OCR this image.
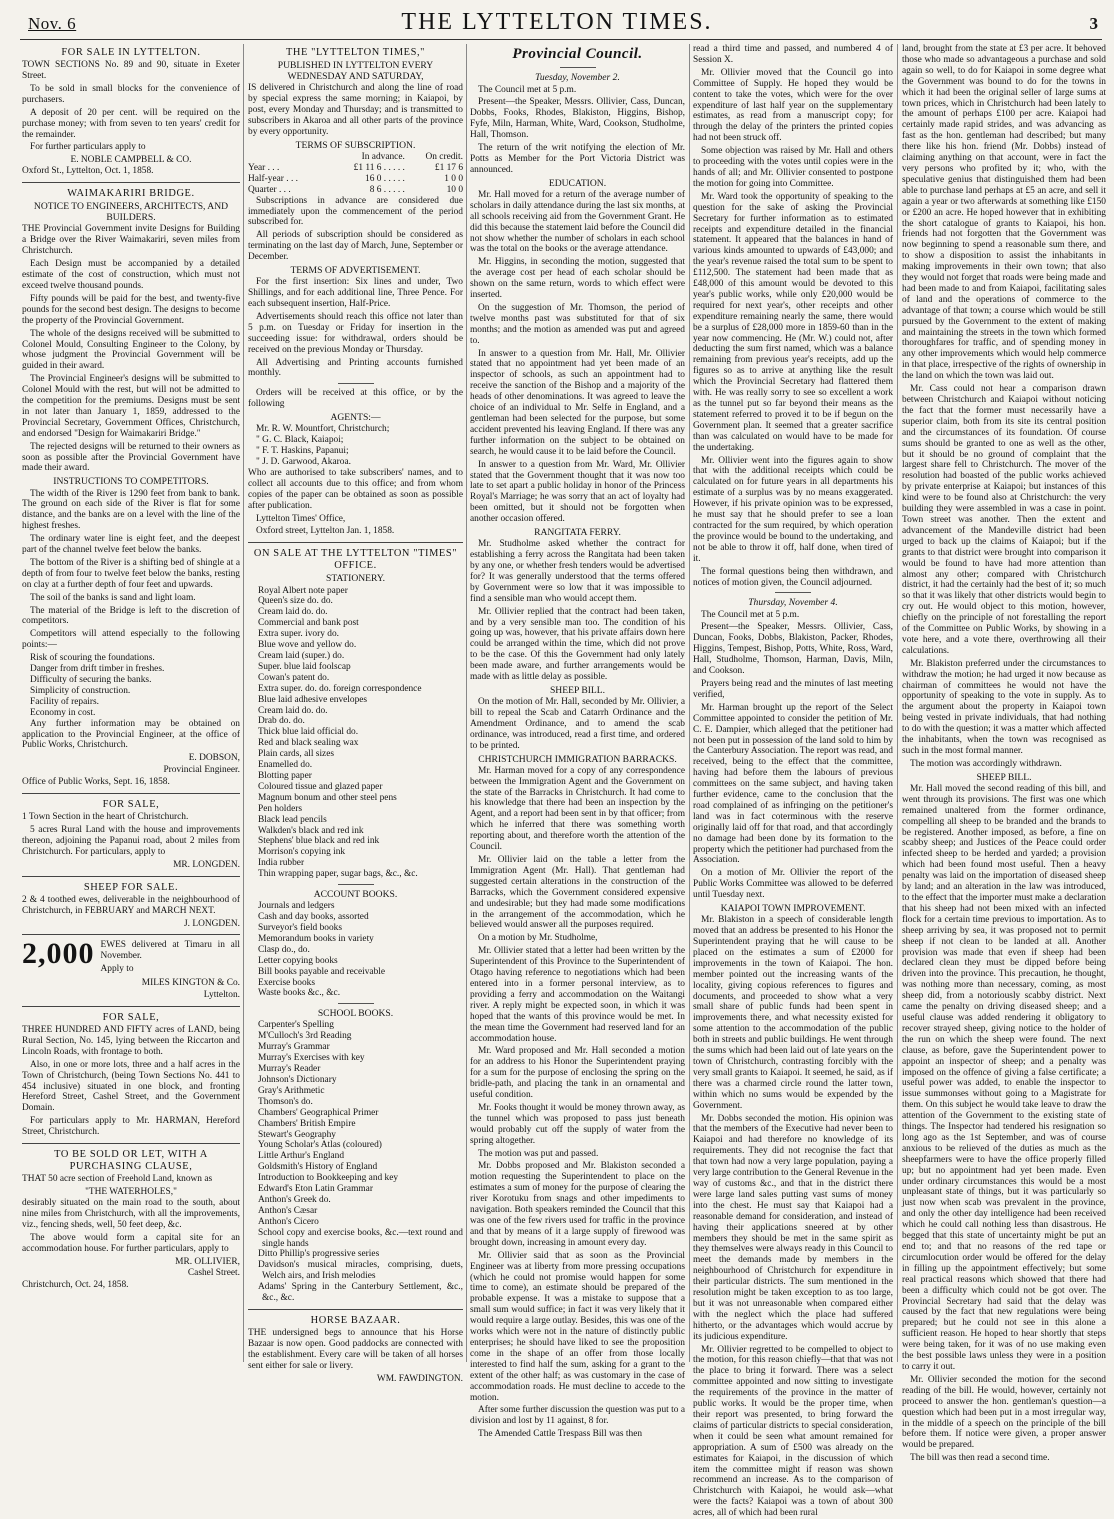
Nov. 6	THE LYTTELTON TIMES.	3
FOR SALE IN LYTTELTON.

TOWN SECTIONS No. 89 and 90, situate in Exeter Street.

To be sold in small blocks for the convenience of purchasers.

A deposit of 20 per cent. will be required on the purchase money; with from seven to ten years' credit for the remainder.

For further particulars apply to

E. NOBLE CAMPBELL & CO.

Oxford St., Lyttelton, Oct. 1, 1858.

WAIMAKARIRI BRIDGE.
NOTICE TO ENGINEERS, ARCHITECTS, AND BUILDERS.

THE Provincial Government invite Designs for Building a Bridge over the River Waimakariri, seven miles from Christchurch.

Each Design must be accompanied by a detailed estimate of the cost of construction, which must not exceed twelve thousand pounds.

Fifty pounds will be paid for the best, and twenty-five pounds for the second best design. The designs to become the property of the Provincial Government.

The whole of the designs received will be submitted to Colonel Mould, Consulting Engineer to the Colony, by whose judgment the Provincial Government will be guided in their award.

The Provincial Engineer's designs will be submitted to Colonel Mould with the rest, but will not be admitted to the competition for the premiums. Designs must be sent in not later than January 1, 1859, addressed to the Provincial Secretary, Government Offices, Christchurch, and endorsed "Design for Waimakariri Bridge."

The rejected designs will be returned to their owners as soon as possible after the Provincial Government have made their award.

INSTRUCTIONS TO COMPETITORS.

The width of the River is 1290 feet from bank to bank. The ground on each side of the River is flat for some distance, and the banks are on a level with the line of the highest freshes.

The ordinary water line is eight feet, and the deepest part of the channel twelve feet below the banks.

The bottom of the River is a shifting bed of shingle at a depth of from four to twelve feet below the banks, resting on clay at a further depth of four feet and upwards.

The soil of the banks is sand and light loam.

The material of the Bridge is left to the discretion of competitors.

Competitors will attend especially to the following points:—

Risk of scouring the foundations.
Danger from drift timber in freshes.
Difficulty of securing the banks.
Simplicity of construction.
Facility of repairs.
Economy in cost.

Any further information may be obtained on application to the Provincial Engineer, at the office of Public Works, Christchurch.

E. DOBSON,
Provincial Engineer.

Office of Public Works, Sept. 16, 1858.

FOR SALE,

1 Town Section in the heart of Christchurch.

5 acres Rural Land with the house and improvements thereon, adjoining the Papanui road, about 2 miles from Christchurch. For particulars, apply to

MR. LONGDEN.
SHEEP FOR SALE.

2 & 4 toothed ewes, deliverable in the neighbourhood of Christchurch, in FEBRUARY and MARCH NEXT.

J. LONGDEN.
2,000 EWES delivered at Timaru in all November.

Apply to

MILES KINGTON & Co.
Lyttelton.
FOR SALE,

THREE HUNDRED AND FIFTY acres of LAND, being Rural Section, No. 145, lying between the Riccarton and Lincoln Roads, with frontage to both.

Also, in one or more lots, three and a half acres in the Town of Christchurch, (being Town Sections No. 441 to 454 inclusive) situated in one block, and fronting Hereford Street, Cashel Street, and the Government Domain.

For particulars apply to Mr. HARMAN, Hereford Street, Christchurch.

TO BE SOLD OR LET, WITH A PURCHASING CLAUSE,

THAT 50 acre section of Freehold Land, known as

"THE WATERHOLES,"

desirably situated on the main road to the south, about nine miles from Christchurch, with all the improvements, viz., fencing sheds, well, 50 feet deep, &c.

The above would form a capital site for an accommodation house. For further particulars, apply to

MR. OLLIVIER,
Cashel Street.

Christchurch, Oct. 24, 1858.

THE "LYTTELTON TIMES,"
PUBLISHED IN LYTTELTON EVERY WEDNESDAY AND SATURDAY,

IS delivered in Christchurch and along the line of road by special express the same morning; in Kaiapoi, by post, every Monday and Thursday; and is transmitted to subscribers in Akaroa and all other parts of the province by every opportunity.

TERMS OF SUBSCRIPTION.
	In advance.	On credit.
Year . . .	£1 11 6 . . . . .	£1 17 6
Half-year . . .	16 0 . . . . .	1 0 0
Quarter . . .	8 6 . . . . .	10 0

Subscriptions in advance are considered due immediately upon the commencement of the period subscribed for.

All periods of subscription should be considered as terminating on the last day of March, June, September or December.

TERMS OF ADVERTISEMENT.

For the first insertion: Six lines and under, Two Shillings, and for each additional line, Three Pence. For each subsequent insertion, Half-Price.

Advertisements should reach this office not later than 5 p.m. on Tuesday or Friday for insertion in the succeeding issue: for withdrawal, orders should be received on the previous Monday or Thursday.

All Advertising and Printing accounts furnished monthly.

Orders will be received at this office, or by the following

AGENTS:—
Mr. R. W. Mountfort, Christchurch;
" G. C. Black, Kaiapoi;
" F. T. Haskins, Papanui;
" J. D. Garwood, Akaroa.

Who are authorised to take subscribers' names, and to collect all accounts due to this office; and from whom copies of the paper can be obtained as soon as possible after publication.

Lyttelton Times' Office,

Oxford street, Lyttelton Jan. 1, 1858.

ON SALE AT THE LYTTELTON "TIMES" OFFICE.
STATIONERY.
Royal Albert note paper
Queen's size do. do.
Cream laid do. do.
Commercial and bank post
Extra super. ivory do.
Blue wove and yellow do.
Cream laid (super.) do.
Super. blue laid foolscap
Cowan's patent do.
Extra super. do. do. foreign correspondence
Blue laid adhesive envelopes
Cream laid do. do.
Drab do. do.
Thick blue laid official do.
Red and black sealing wax
Plain cards, all sizes
Enamelled do.
Blotting paper
Coloured tissue and glazed paper
Magnum bonum and other steel pens
Pen holders
Black lead pencils
Walkden's black and red ink
Stephens' blue black and red ink
Morrison's copying ink
India rubber
Thin wrapping paper, sugar bags, &c., &c.
ACCOUNT BOOKS.
Journals and ledgers
Cash and day books, assorted
Surveyor's field books
Memorandum books in variety
Clasp do., do.
Letter copying books
Bill books payable and receivable
Exercise books
Waste books &c., &c.
SCHOOL BOOKS.
Carpenter's Spelling
M'Culloch's 3rd Reading
Murray's Grammar
Murray's Exercises with key
Murray's Reader
Johnson's Dictionary
Gray's Arithmetic
Thomson's do.
Chambers' Geographical Primer
Chambers' British Empire
Stewart's Geography
Young Scholar's Atlas (coloured)
Little Arthur's England
Goldsmith's History of England
Introduction to Bookkeeping and key
Edward's Eton Latin Grammar
Anthon's Greek do.
Anthon's Cæsar
Anthon's Cicero
School copy and exercise books, &c.—text round and single hands
Ditto Phillip's progressive series
Davidson's musical miracles, comprising, duets, Welch airs, and Irish melodies
Adams' Spring in the Canterbury Settlement, &c., &c., &c.
HORSE BAZAAR.

THE undersigned begs to announce that his Horse Bazaar is now open. Good paddocks are connected with the establishment. Every care will be taken of all horses sent either for sale or livery.

WM. FAWDINGTON.
Provincial Council.
Tuesday, November 2.

The Council met at 5 p.m.

Present—the Speaker, Messrs. Ollivier, Cass, Duncan, Dobbs, Fooks, Rhodes, Blakiston, Higgins, Bishop, Fyfe, Miln, Harman, White, Ward, Cookson, Studholme, Hall, Thomson.

The return of the writ notifying the election of Mr. Potts as Member for the Port Victoria District was announced.

EDUCATION.

Mr. Hall moved for a return of the average number of scholars in daily attendance during the last six months, at all schools receiving aid from the Government Grant. He did this because the statement laid before the Council did not show whether the number of scholars in each school was the total on the books or the average attendance.

Mr. Higgins, in seconding the motion, suggested that the average cost per head of each scholar should be shown on the same return, words to which effect were inserted.

On the suggestion of Mr. Thomson, the period of twelve months past was substituted for that of six months; and the motion as amended was put and agreed to.

In answer to a question from Mr. Hall, Mr. Ollivier stated that no appointment had yet been made of an inspector of schools, as such an appointment had to receive the sanction of the Bishop and a majority of the heads of other denominations. It was agreed to leave the choice of an individual to Mr. Selfe in England, and a gentleman had been selected for the purpose, but some accident prevented his leaving England. If there was any further information on the subject to be obtained on search, he would cause it to be laid before the Council.

In answer to a question from Mr. Ward, Mr. Ollivier stated that the Government thought that it was now too late to set apart a public holiday in honor of the Princess Royal's Marriage; he was sorry that an act of loyalty had been omitted, but it should not be forgotten when another occasion offered.

RANGITATA FERRY.

Mr. Studholme asked whether the contract for establishing a ferry across the Rangitata had been taken by any one, or whether fresh tenders would be advertised for? It was generally understood that the terms offered by Government were so low that it was impossible to find a sensible man who would accept them.

Mr. Ollivier replied that the contract had been taken, and by a very sensible man too. The condition of his going up was, however, that his private affairs down here could be arranged within the time, which did not prove to be the case. Of this the Government had only lately been made aware, and further arrangements would be made with as little delay as possible.

SHEEP BILL.

On the motion of Mr. Hall, seconded by Mr. Ollivier, a bill to repeal the Scab and Catarrh Ordinance and the Amendment Ordinance, and to amend the scab ordinance, was introduced, read a first time, and ordered to be printed.

CHRISTCHURCH IMMIGRATION BARRACKS.

Mr. Harman moved for a copy of any correspondence between the Immigration Agent and the Government on the state of the Barracks in Christchurch. It had come to his knowledge that there had been an inspection by the Agent, and a report had been sent in by that officer; from which he inferred that there was something worth reporting about, and therefore worth the attention of the Council.

Mr. Ollivier laid on the table a letter from the Immigration Agent (Mr. Hall). That gentleman had suggested certain alterations in the construction of the Barracks, which the Government considered expensive and undesirable; but they had made some modifications in the arrangement of the accommodation, which he believed would answer all the purposes required.

On a motion by Mr. Studholme,

Mr. Ollivier stated that a letter had been written by the Superintendent of this Province to the Superintendent of Otago having reference to negotiations which had been entered into in a former personal interview, as to providing a ferry and accommodation on the Waitangi river. A reply might be expected soon, in which it was hoped that the wants of this province would be met. In the mean time the Government had reserved land for an accommodation house.

Mr. Ward proposed and Mr. Hall seconded a motion for an address to his Honor the Superintendent praying for a sum for the purpose of enclosing the spring on the bridle-path, and placing the tank in an ornamental and useful condition.

Mr. Fooks thought it would be money thrown away, as the tunnel which was proposed to pass just beneath would probably cut off the supply of water from the spring altogether.

The motion was put and passed.

Mr. Dobbs proposed and Mr. Blakiston seconded a motion requesting the Superintendent to place on the estimates a sum of money for the purpose of clearing the river Korotuku from snags and other impediments to navigation. Both speakers reminded the Council that this was one of the few rivers used for traffic in the province and that by means of it a large supply of firewood was brought down, increasing in amount every day.

Mr. Ollivier said that as soon as the Provincial Engineer was at liberty from more pressing occupations (which he could not promise would happen for some time to come), an estimate should be prepared of the probable expense. It was a mistake to suppose that a small sum would suffice; in fact it was very likely that it would require a large outlay. Besides, this was one of the works which were not in the nature of distinctly public enterprises; he should have liked to see the proposition come in the shape of an offer from those locally interested to find half the sum, asking for a grant to the extent of the other half; as was customary in the case of accommodation roads. He must decline to accede to the motion.

After some further discussion the question was put to a division and lost by 11 against, 8 for.

The Amended Cattle Trespass Bill was then

read a third time and passed, and numbered 4 of Session X.

Mr. Ollivier moved that the Council go into Committee of Supply. He hoped they would be content to take the votes, which were for the over expenditure of last half year on the supplementary estimates, as read from a manuscript copy; for through the delay of the printers the printed copies had not been struck off.

Some objection was raised by Mr. Hall and others to proceeding with the votes until copies were in the hands of all; and Mr. Ollivier consented to postpone the motion for going into Committee.

Mr. Ward took the opportunity of speaking to the question for the sake of asking the Provincial Secretary for further information as to estimated receipts and expenditure detailed in the financial statement. It appeared that the balances in hand of various kinds amounted to upwards of £43,000; and the year's revenue raised the total sum to be spent to £112,500. The statement had been made that as £48,000 of this amount would be devoted to this year's public works, while only £20,000 would be required for next year's, other receipts and other expenditure remaining nearly the same, there would be a surplus of £28,000 more in 1859-60 than in the year now commencing. He (Mr. W.) could not, after deducting the sum first named, which was a balance remaining from previous year's receipts, add up the figures so as to arrive at anything like the result which the Provincial Secretary had flattered them with. He was really sorry to see so excellent a work as the tunnel put so far beyond their means as the statement referred to proved it to be if begun on the Government plan. It seemed that a greater sacrifice than was calculated on would have to be made for the undertaking.

Mr. Ollivier went into the figures again to show that with the additional receipts which could be calculated on for future years in all departments his estimate of a surplus was by no means exaggerated. However, if his private opinion was to be expressed, he must say that he should prefer to see a loan contracted for the sum required, by which operation the province would be bound to the undertaking, and not be able to throw it off, half done, when tired of it.

The formal questions being then withdrawn, and notices of motion given, the Council adjourned.

Thursday, November 4.

The Council met at 5 p.m.

Present—the Speaker, Messrs. Ollivier, Cass, Duncan, Fooks, Dobbs, Blakiston, Packer, Rhodes, Higgins, Tempest, Bishop, Potts, White, Ross, Ward, Hall, Studholme, Thomson, Harman, Davis, Miln, and Cookson.

Prayers being read and the minutes of last meeting verified,

Mr. Harman brought up the report of the Select Committee appointed to consider the petition of Mr. C. E. Dampier, which alleged that the petitioner had not been put in possession of the land sold to him by the Canterbury Association. The report was read, and received, being to the effect that the committee, having had before them the labours of previous committees on the same subject, and having taken further evidence, came to the conclusion that the road complained of as infringing on the petitioner's land was in fact coterminous with the reserve originally laid off for that road, and that accordingly no damage had been done by its formation to the property which the petitioner had purchased from the Association.

On a motion of Mr. Ollivier the report of the Public Works Committee was allowed to be deferred until Tuesday next.

KAIAPOI TOWN IMPROVEMENT.

Mr. Blakiston in a speech of considerable length moved that an address be presented to his Honor the Superintendent praying that he will cause to be placed on the estimates a sum of £2000 for improvements in the town of Kaiapoi. The hon. member pointed out the increasing wants of the locality, giving copious references to figures and documents, and proceeded to show what a very small share of public funds had been spent in improvements there, and what necessity existed for some attention to the accommodation of the public both in streets and public buildings. He went through the sums which had been laid out of late years on the town of Christchurch, contrasting forcibly with the very small grants to Kaiapoi. It seemed, he said, as if there was a charmed circle round the latter town, within which no sums would be expended by the Government.

Mr. Dobbs seconded the motion. His opinion was that the members of the Executive had never been to Kaiapoi and had therefore no knowledge of its requirements. They did not recognise the fact that that town had now a very large population, paying a very large contribution to the General Revenue in the way of customs &c., and that in the district there were large land sales putting vast sums of money into the chest. He must say that Kaiapoi had a reasonable demand for consideration, and instead of having their applications sneered at by other members they should be met in the same spirit as they themselves were always ready in this Council to meet the demands made by members in the neighbourhood of Christchurch for expenditure in their particular districts. The sum mentioned in the resolution might be taken exception to as too large, but it was not unreasonable when compared either with the neglect which the place had suffered hitherto, or the advantages which would accrue by its judicious expenditure.

Mr. Ollivier regretted to be compelled to object to the motion, for this reason chiefly—that that was not the place to bring it forward. There was a select committee appointed and now sitting to investigate the requirements of the province in the matter of public works. It would be the proper time, when their report was presented, to bring forward the claims of particular districts to special consideration, when it could be seen what amount remained for appropriation. A sum of £500 was already on the estimates for Kaiapoi, in the discussion of which item the committee might if reason was shown recommend an increase. As to the comparison of Christchurch with Kaiapoi, he would ask—what were the facts? Kaiapoi was a town of about 300 acres, all of which had been rural

land, brought from the state at £3 per acre. It behoved those who made so advantageous a purchase and sold again so well, to do for Kaiapoi in some degree what the Government was bound to do for the towns in which it had been the original seller of large sums at town prices, which in Christchurch had been lately to the amount of perhaps £100 per acre. Kaiapoi had certainly made rapid strides, and was advancing as fast as the hon. gentleman had described; but many there like his hon. friend (Mr. Dobbs) instead of claiming anything on that account, were in fact the very persons who profited by it; who, with the speculative genius that distinguished them had been able to purchase land perhaps at £5 an acre, and sell it again a year or two afterwards at something like £150 or £200 an acre. He hoped however that in exhibiting the short catalogue of grants to Kaiapoi, his hon. friends had not forgotten that the Government was now beginning to spend a reasonable sum there, and to show a disposition to assist the inhabitants in making improvements in their own town; that also they would not forget that roads were being made and had been made to and from Kaiapoi, facilitating sales of land and the operations of commerce to the advantage of that town; a course which would be still pursued by the Government to the extent of making and maintaining the streets in the town which formed thoroughfares for traffic, and of spending money in any other improvements which would help commerce in that place, irrespective of the rights of ownership in the land on which the town was laid out.

Mr. Cass could not hear a comparison drawn between Christchurch and Kaiapoi without noticing the fact that the former must necessarily have a superior claim, both from its site its central position and the circumstances of its foundation. Of course sums should be granted to one as well as the other, but it should be no ground of complaint that the largest share fell to Christchurch. The mover of the resolution had boasted of the public works achieved by private enterprise at Kaiapoi; but instances of this kind were to be found also at Christchurch: the very building they were assembled in was a case in point. Town street was another. Then the extent and advancement of the Mandeville district had been urged to back up the claims of Kaiapoi; but if the grants to that district were brought into comparison it would be found to have had more attention than almost any other; compared with Christchurch district, it had the certainly had the best of it; so much so that it was likely that other districts would begin to cry out. He would object to this motion, however, chiefly on the principle of not forestalling the report of the Committee on Public Works, by showing in a vote here, and a vote there, overthrowing all their calculations.

Mr. Blakiston preferred under the circumstances to withdraw the motion; he had urged it now because as chairman of committees he would not have the opportunity of speaking to the vote in supply. As to the argument about the property in Kaiapoi town being vested in private individuals, that had nothing to do with the question; it was a matter which affected the inhabitants, when the town was recognised as such in the most formal manner.

The motion was accordingly withdrawn.

SHEEP BILL.

Mr. Hall moved the second reading of this bill, and went through its provisions. The first was one which remained unaltered from the former ordinance, compelling all sheep to be branded and the brands to be registered. Another imposed, as before, a fine on scabby sheep; and Justices of the Peace could order infected sheep to be herded and yarded; a provision which had been found most useful. Then a heavy penalty was laid on the importation of diseased sheep by land; and an alteration in the law was introduced, to the effect that the importer must make a declaration that his sheep had not been mixed with an infected flock for a certain time previous to importation. As to sheep arriving by sea, it was proposed not to permit sheep if not clean to be landed at all. Another provision was made that even if sheep had been declared clean they must be dipped before being driven into the province. This precaution, he thought, was nothing more than necessary, coming, as most sheep did, from a notoriously scabby district. Next came the penalty on driving diseased sheep; and a useful clause was added rendering it obligatory to recover strayed sheep, giving notice to the holder of the run on which the sheep were found. The next clause, as before, gave the Superintendent power to appoint an inspector of sheep; and a penalty was imposed on the offence of giving a false certificate; a useful power was added, to enable the inspector to issue summonses without going to a Magistrate for them. On this subject he would take leave to draw the attention of the Government to the existing state of things. The Inspector had tendered his resignation so long ago as the 1st September, and was of course anxious to be relieved of the duties as much as the sheepfarmers were to have the office properly filled up; but no appointment had yet been made. Even under ordinary circumstances this would be a most unpleasant state of things, but it was particularly so just now when scab was prevalent in the province, and only the other day intelligence had been received which he could call nothing less than disastrous. He begged that this state of uncertainty might be put an end to; and that no reasons of the red tape or circumlocution order would be offered for the delay in filling up the appointment effectively; but some real practical reasons which showed that there had been a difficulty which could not be got over. The Provincial Secretary had said that the delay was caused by the fact that new regulations were being prepared; but he could not see in this alone a sufficient reason. He hoped to hear shortly that steps were being taken, for it was of no use making even the best possible laws unless they were in a position to carry it out.

Mr. Ollivier seconded the motion for the second reading of the bill. He would, however, certainly not proceed to answer the hon. gentleman's question—a question which had been put in a most irregular way, in the middle of a speech on the principle of the bill before them. If notice were given, a proper answer would be prepared.

The bill was then read a second time.
